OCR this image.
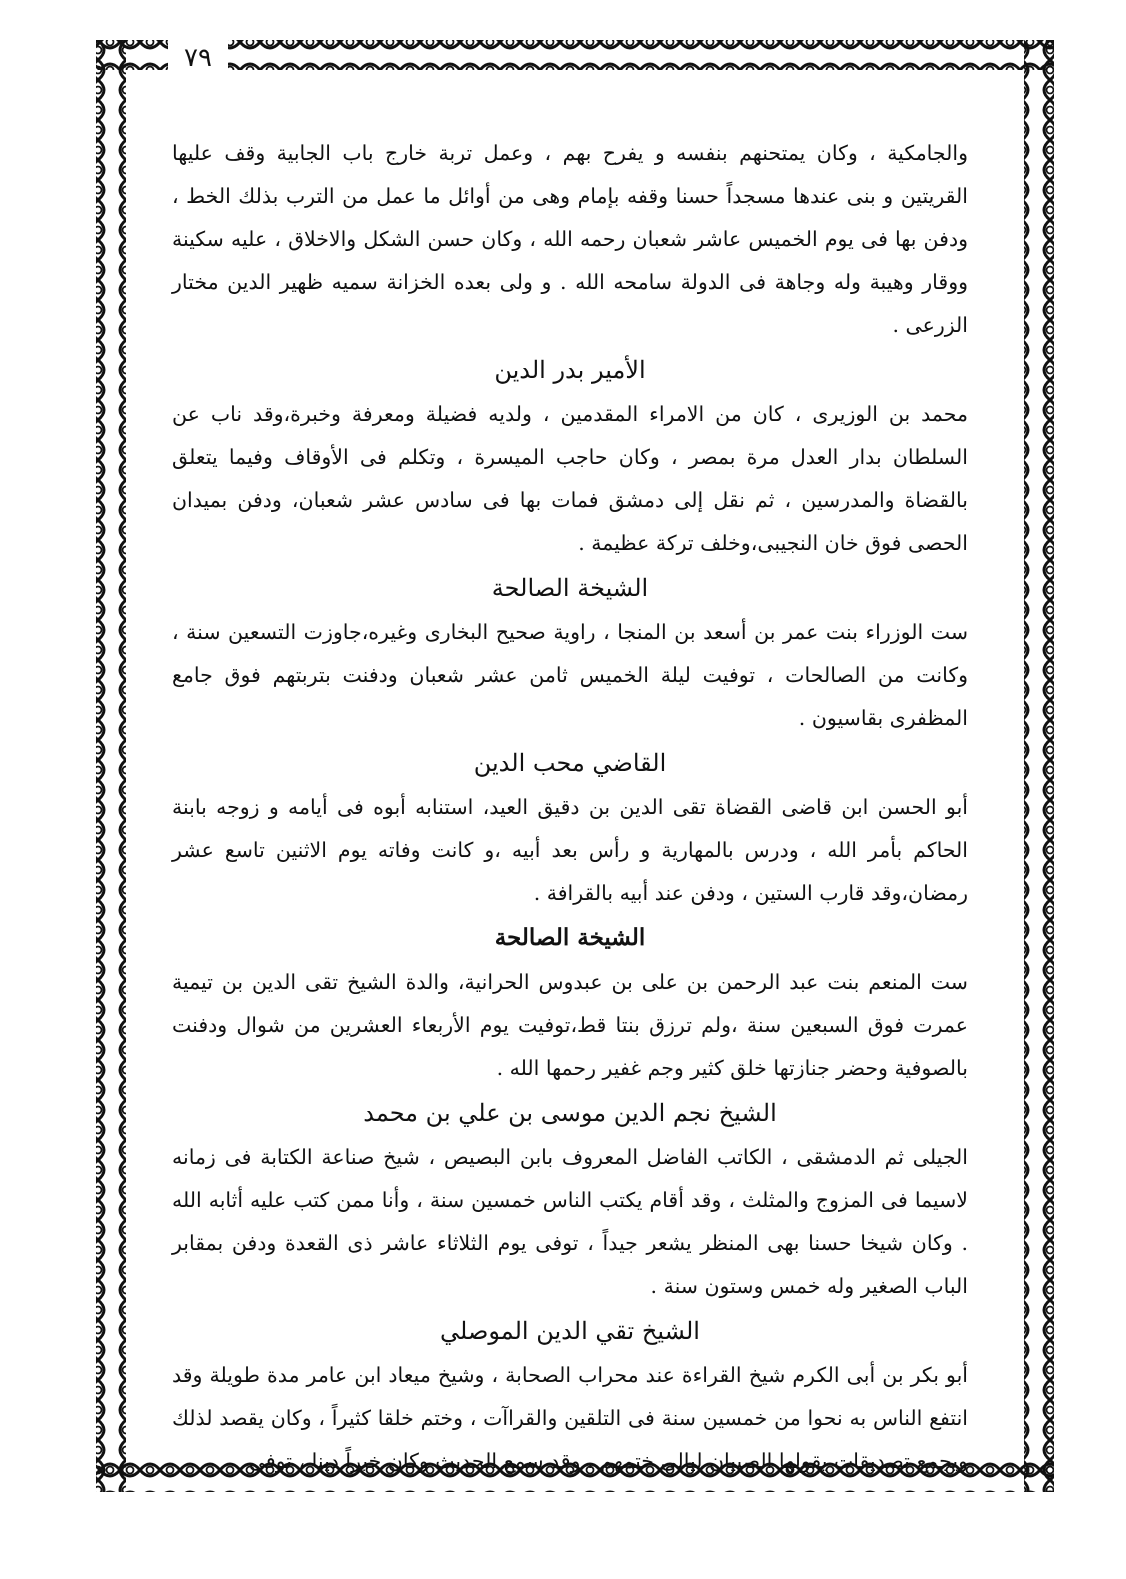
٧٩

والجامكية ، وكان يمتحنهم بنفسه و يفرح بهم ، وعمل تربة خارج باب الجابية وقف عليها القريتين و بنى عندها مسجداً حسنا وقفه بإمام وهى من أوائل ما عمل من الترب بذلك الخط ، ودفن بها فى يوم الخميس عاشر شعبان رحمه الله ، وكان حسن الشكل والاخلاق ، عليه سكينة ووقار وهيبة وله وجاهة فى الدولة سامحه الله . و ولى بعده الخزانة سميه ظهير الدين مختار الزرعى .

الأمير بدر الدين

محمد بن الوزيرى ، كان من الامراء المقدمين ، ولديه فضيلة ومعرفة وخبرة،وقد ناب عن السلطان بدار العدل مرة بمصر ، وكان حاجب الميسرة ، وتكلم فى الأوقاف وفيما يتعلق بالقضاة والمدرسين ، ثم نقل إلى دمشق فمات بها فى سادس عشر شعبان، ودفن بميدان الحصى فوق خان النجيبى،وخلف تركة عظيمة .

الشيخة الصالحة

ست الوزراء بنت عمر بن أسعد بن المنجا ، راوية صحيح البخارى وغيره،جاوزت التسعين سنة ، وكانت من الصالحات ، توفيت ليلة الخميس ثامن عشر شعبان ودفنت بتربتهم فوق جامع المظفرى بقاسيون .

القاضي محب الدين

أبو الحسن ابن قاضى القضاة تقى الدين بن دقيق العيد، استنابه أبوه فى أيامه و زوجه بابنة الحاكم بأمر الله ، ودرس بالمهارية و رأس بعد أبيه ،و كانت وفاته يوم الاثنين تاسع عشر رمضان،وقد قارب الستين ، ودفن عند أبيه بالقرافة .

الشيخة الصالحة

ست المنعم بنت عبد الرحمن بن على بن عبدوس الحرانية، والدة الشيخ تقى الدين بن تيمية عمرت فوق السبعين سنة ،ولم ترزق بنتا قط،توفيت يوم الأربعاء العشرين من شوال ودفنت بالصوفية وحضر جنازتها خلق كثير وجم غفير رحمها الله .

الشيخ نجم الدين موسى بن علي بن محمد

الجيلى ثم الدمشقى ، الكاتب الفاضل المعروف بابن البصيص ، شيخ صناعة الكتابة فى زمانه لاسيما فى المزوج والمثلث ، وقد أقام يكتب الناس خمسين سنة ، وأنا ممن كتب عليه أثابه الله . وكان شيخا حسنا بهى المنظر يشعر جيداً ، توفى يوم الثلاثاء عاشر ذى القعدة ودفن بمقابر الباب الصغير وله خمس وستون سنة .

الشيخ تقي الدين الموصلي

أبو بكر بن أبى الكرم شيخ القراءة عند محراب الصحابة ، وشيخ ميعاد ابن عامر مدة طويلة وقد انتفع الناس به نحوا من خمسين سنة فى التلقين والقراآت ، وختم خلقا كثيراً ، وكان يقصد لذلك ويجمع تصديقات يقولها الصبيان ليالى ختمهم ، وقد سمع الحديث وكان خيراً دينا ، توفى
